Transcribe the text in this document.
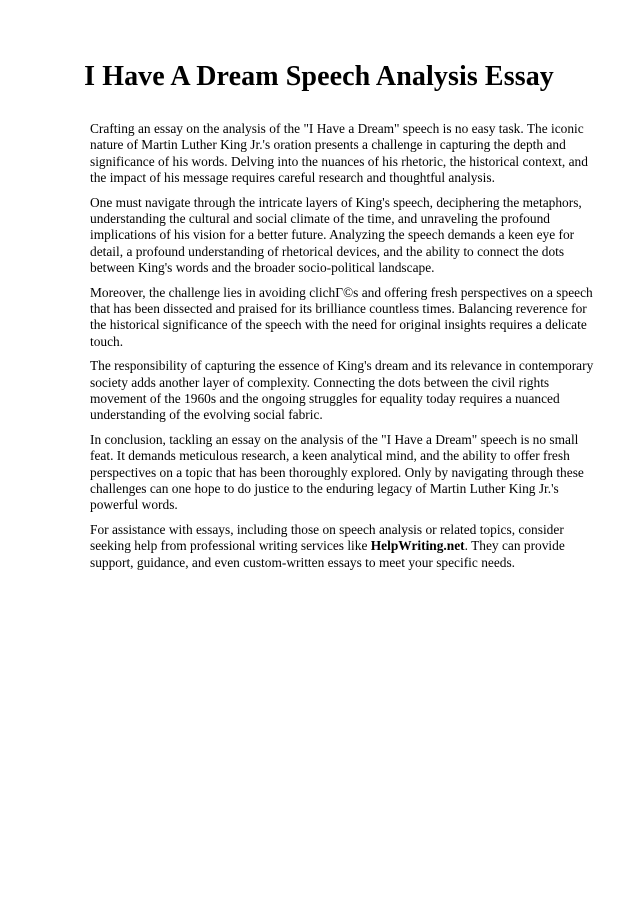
I Have A Dream Speech Analysis Essay

Crafting an essay on the analysis of the "I Have a Dream" speech is no easy task. The iconic nature of Martin Luther King Jr.'s oration presents a challenge in capturing the depth and significance of his words. Delving into the nuances of his rhetoric, the historical context, and the impact of his message requires careful research and thoughtful analysis.

One must navigate through the intricate layers of King's speech, deciphering the metaphors, understanding the cultural and social climate of the time, and unraveling the profound implications of his vision for a better future. Analyzing the speech demands a keen eye for detail, a profound understanding of rhetorical devices, and the ability to connect the dots between King's words and the broader socio-political landscape.

Moreover, the challenge lies in avoiding clichГ©s and offering fresh perspectives on a speech that has been dissected and praised for its brilliance countless times. Balancing reverence for the historical significance of the speech with the need for original insights requires a delicate touch.

The responsibility of capturing the essence of King's dream and its relevance in contemporary society adds another layer of complexity. Connecting the dots between the civil rights movement of the 1960s and the ongoing struggles for equality today requires a nuanced understanding of the evolving social fabric.

In conclusion, tackling an essay on the analysis of the "I Have a Dream" speech is no small feat. It demands meticulous research, a keen analytical mind, and the ability to offer fresh perspectives on a topic that has been thoroughly explored. Only by navigating through these challenges can one hope to do justice to the enduring legacy of Martin Luther King Jr.'s powerful words.

For assistance with essays, including those on speech analysis or related topics, consider seeking help from professional writing services like HelpWriting.net. They can provide support, guidance, and even custom-written essays to meet your specific needs.
